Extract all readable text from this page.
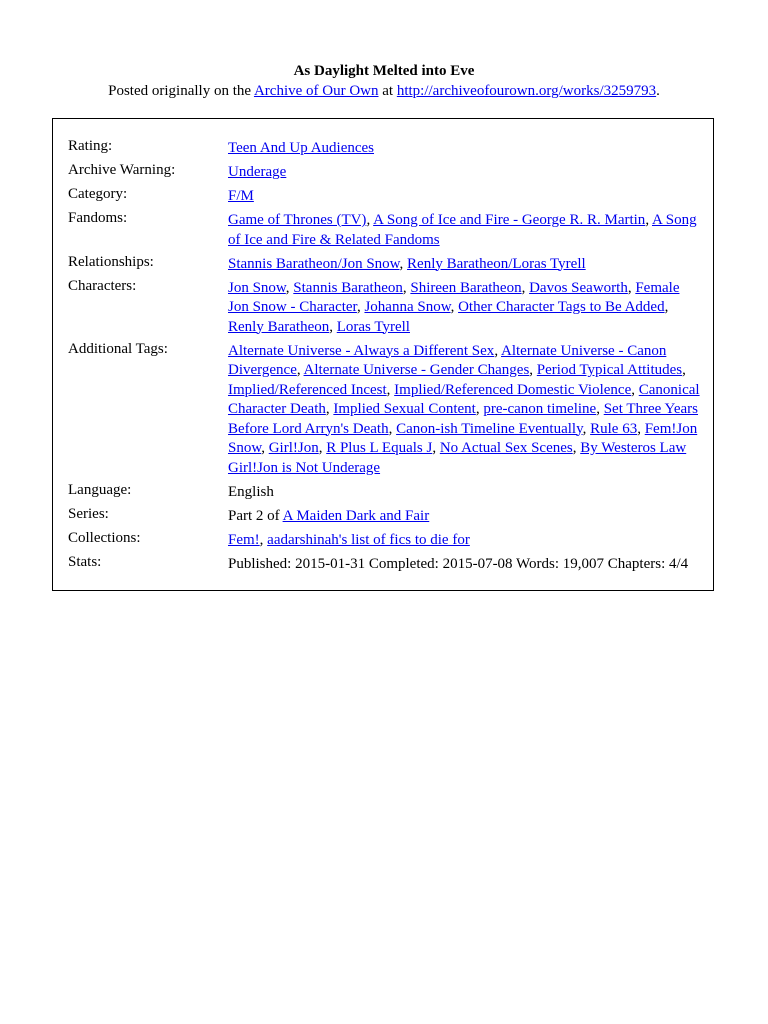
As Daylight Melted into Eve
Posted originally on the Archive of Our Own at http://archiveofourown.org/works/3259793.
Rating:	Teen And Up Audiences
Archive Warning:	Underage
Category:	F/M
Fandoms:	Game of Thrones (TV), A Song of Ice and Fire - George R. R. Martin, A Song of Ice and Fire & Related Fandoms
Relationships:	Stannis Baratheon/Jon Snow, Renly Baratheon/Loras Tyrell
Characters:	Jon Snow, Stannis Baratheon, Shireen Baratheon, Davos Seaworth, Female Jon Snow - Character, Johanna Snow, Other Character Tags to Be Added, Renly Baratheon, Loras Tyrell
Additional Tags:	Alternate Universe - Always a Different Sex, Alternate Universe - Canon Divergence, Alternate Universe - Gender Changes, Period Typical Attitudes, Implied/Referenced Incest, Implied/Referenced Domestic Violence, Canonical Character Death, Implied Sexual Content, pre-canon timeline, Set Three Years Before Lord Arryn's Death, Canon-ish Timeline Eventually, Rule 63, Fem!Jon Snow, Girl!Jon, R Plus L Equals J, No Actual Sex Scenes, By Westeros Law Girl!Jon is Not Underage
Language:	English
Series:	Part 2 of A Maiden Dark and Fair
Collections:	Fem!, aadarshinah's list of fics to die for
Stats:	Published: 2015-01-31 Completed: 2015-07-08 Words: 19,007 Chapters: 4/4
